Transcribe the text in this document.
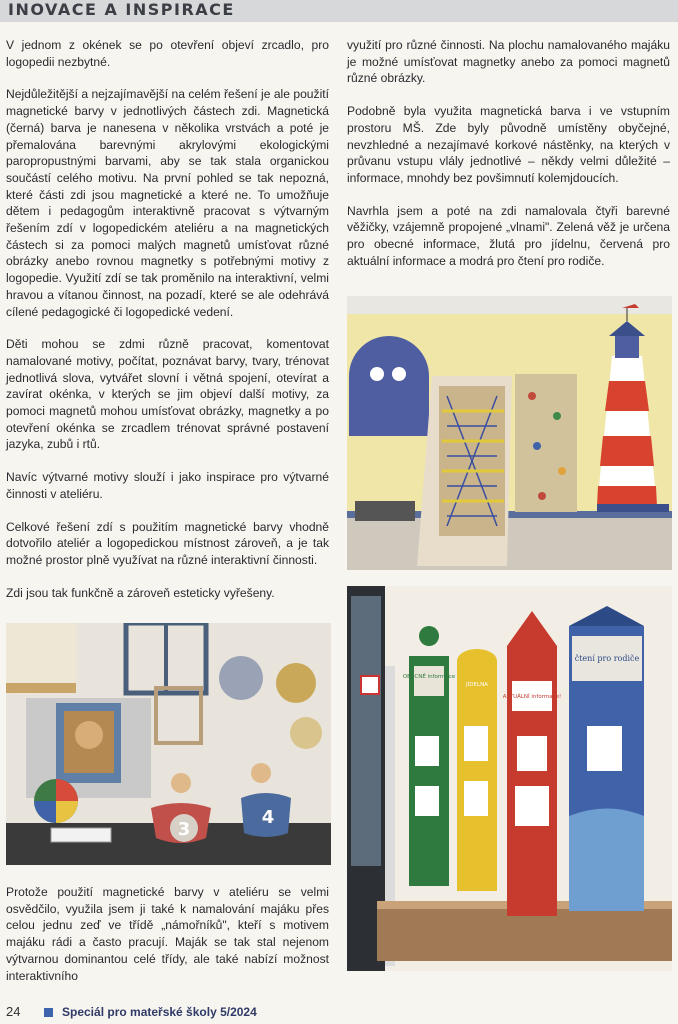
INOVACE A INSPIRACE

V jednom z okének se po otevření objeví zrcadlo, pro logopedii nezbytné.

Nejdůležitější a nejzajímavější na celém řešení je ale použití magnetické barvy v jednotlivých částech zdi. Magnetická (černá) barva je nanesena v několika vrstvách a poté je přemalována barevnými akrylovými ekologickými paropropustnými barvami, aby se tak stala organickou součástí celého motivu. Na první pohled se tak nepozná, které části zdi jsou magnetické a které ne. To umožňuje dětem i pedagogům interaktivně pracovat s výtvarným řešením zdí v logopedickém ateliéru a na magnetických částech si za pomoci malých magnetů umísťovat různé obrázky anebo rovnou magnetky s potřebnými motivy z logopedie. Využití zdí se tak proměnilo na interaktivní, velmi hravou a vítanou činnost, na pozadí, které se ale odehrává cílené pedagogické či logopedické vedení.

Děti mohou se zdmi různě pracovat, komentovat namalované motivy, počítat, poznávat barvy, tvary, trénovat jednotlivá slova, vytvářet slovní i větná spojení, otevírat a zavírat okénka, v kterých se jim objeví další motivy, za pomoci magnetů mohou umísťovat obrázky, magnetky a po otevření okénka se zrcadlem trénovat správné postavení jazyka, zubů i rtů.

Navíc výtvarné motivy slouží i jako inspirace pro výtvarné činnosti v ateliéru.

Celkové řešení zdí s použitím magnetické barvy vhodně dotvořilo ateliér a logopedickou místnost zároveň, a je tak možné prostor plně využívat na různé interaktivní činnosti.

Zdi jsou tak funkčně a zároveň esteticky vyřešeny.

využití pro různé činnosti. Na plochu namalovaného majáku je možné umísťovat magnetky anebo za pomoci magnetů různé obrázky.

Podobně byla využita magnetická barva i ve vstupním prostoru MŠ. Zde byly původně umístěny obyčejné, nevzhledné a nezajímavé korkové nástěnky, na kterých v průvanu vstupu vlály jednotlivé – někdy velmi důležité – informace, mnohdy bez povšimnutí kolemjdoucích.

Navrhla jsem a poté na zdi namalovala čtyři barevné věžičky, vzájemně propojené „vlnami". Zelená věž je určena pro obecné informace, žlutá pro jídelnu, červená pro aktuální informace a modrá pro čtení pro rodiče.

3
4
OBECNÉ informace
JÍDELNA
AKTUÁLNÍ informace!
čtení pro rodiče

Protože použití magnetické barvy v ateliéru se velmi osvědčilo, využila jsem ji také k namalování majáku přes celou jednu zeď ve třídě „námořníků", kteří s motivem majáku rádi a často pracují. Maják se tak stal nejenom výtvarnou dominantou celé třídy, ale také nabízí možnost interaktivního

24	Speciál pro mateřské školy 5/2024
